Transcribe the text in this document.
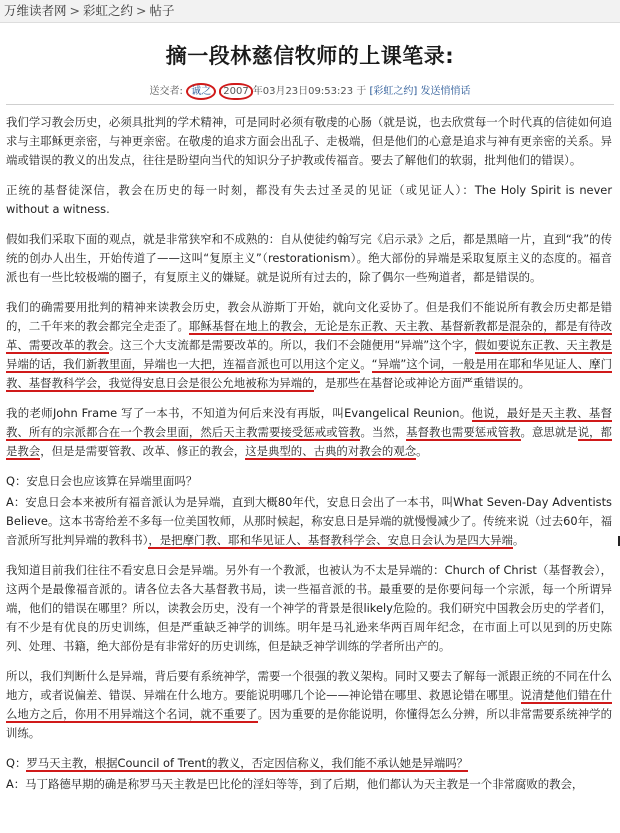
万维读者网 > 彩虹之约 > 帖子
摘一段林慈信牧师的上课笔录:
送交者: 诚之 2007 年03月23日09:53:23 于 [彩虹之约] 发送悄悄话

我们学习教会历史，必须具批判的学术精神，可是同时必须有敬虔的心肠（就是说，也去欣赏每一个时代真的信徒如何追求与主耶稣更亲密，与神更亲密。在敬虔的追求方面会出乱子、走极端，但是他们的心意是追求与神有更亲密的关系。异端或错误的教义的出发点，往往是盼望向当代的知识分子护教或传福音。要去了解他们的软弱，批判他们的错误）。

正统的基督徒深信，教会在历史的每一时刻，都没有失去过圣灵的见证（或见证人）：The Holy Spirit is never without a witness.

假如我们采取下面的观点，就是非常狭窄和不成熟的：自从使徒约翰写完《启示录》之后，都是黑暗一片，直到“我”的传统的创办人出生，开始传道了——这叫“复原主义”（restorationism）。绝大部份的异端是采取复原主义的态度的。福音派也有一些比较极端的圈子，有复原主义的嫌疑。就是说所有过去的，除了偶尔一些殉道者，都是错误的。

我们的确需要用批判的精神来读教会历史，教会从游斯丁开始，就向文化妥协了。但是我们不能说所有教会历史都是错的，二千年来的教会都完全走歪了。耶稣基督在地上的教会，无论是东正教、天主教、基督新教都是混杂的，都是有待改革、需要改革的教会。这三个大支流都是需要改革的。所以，我们不会随便用“异端”这个字，假如要说东正教、天主教是异端的话，我们新教里面，异端也一大把，连福音派也可以用这个定义。“异端”这个词，一般是用在耶和华见证人、摩门教、基督教科学会，我觉得安息日会是很公允地被称为异端的，是那些在基督论或神论方面严重错误的。

我的老师John Frame 写了一本书，不知道为何后来没有再版，叫Evangelical Reunion。他说，最好是天主教、基督教、所有的宗派都合在一个教会里面，然后天主教需要接受惩戒或管教。当然，基督教也需要惩戒管教。意思就是说，都是教会，但是是需要管教、改革、修正的教会，这是典型的、古典的对教会的观念。

Q：安息日会也应该算在异端里面吗？

A：安息日会本来被所有福音派认为是异端，直到大概80年代，安息日会出了一本书，叫What Seven-Day Adventists Believe。这本书寄给差不多每一位美国牧师，从那时候起，称安息日是异端的就慢慢减少了。传统来说（过去60年，福音派所写批判异端的教科书），是把摩门教、耶和华见证人、基督教科学会、安息日会认为是四大异端。

我知道目前我们往往不看安息日会是异端。另外有一个教派，也被认为不太是异端的：Church of Christ（基督教会），这两个是最像福音派的。请各位去各大基督教书局，读一些福音派的书。最重要的是你要问每一个宗派，每一个所谓异端，他们的错误在哪里？所以，读教会历史，没有一个神学的背景是很likely危险的。我们研究中国教会历史的学者们，有不少是有优良的历史训练，但是严重缺乏神学的训练。明年是马礼逊来华两百周年纪念，在市面上可以见到的历史陈列、处理、书籍，绝大部份是有非常好的历史训练，但是缺乏神学训练的学者所出产的。

所以，我们判断什么是异端，背后要有系统神学，需要一个很强的教义架构。同时又要去了解每一派跟正统的不同在什么地方，或者说偏差、错误、异端在什么地方。要能说明哪几个论——神论错在哪里、救恩论错在哪里。说清楚他们错在什么地方之后，你用不用异端这个名词，就不重要了。因为重要的是你能说明，你懂得怎么分辨，所以非常需要系统神学的训练。

Q：罗马天主教，根据Council of Trent的教义，否定因信称义，我们能不承认她是异端吗？

A：马丁路德早期的确是称罗马天主教是巴比伦的淫妇等等，到了后期，他们都认为天主教是一个非常腐败的教会，
